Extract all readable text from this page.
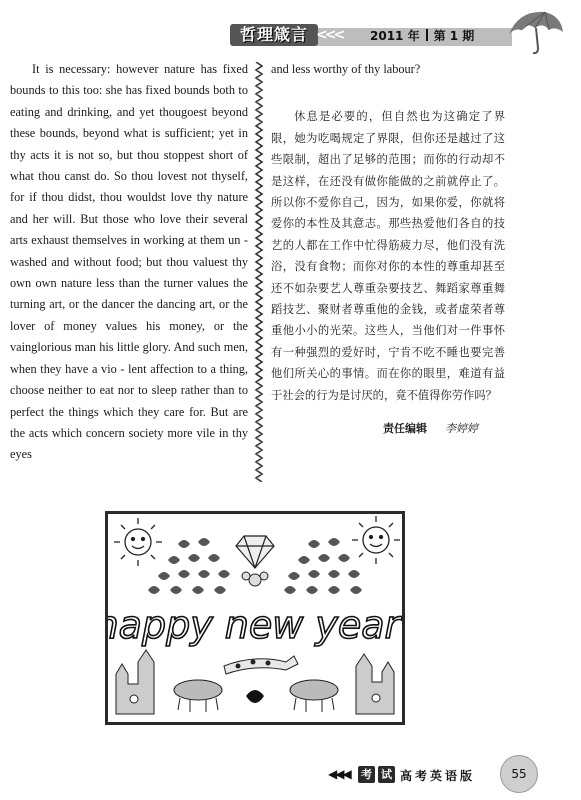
哲理箴言 <<< 2011 年 第 1 期

It is necessary: however nature has fixed bounds to this too: she has fixed bounds both to eating and drinking, and yet thougoest beyond these bounds, beyond what is sufficient; yet in thy acts it is not so, but thou stoppest short of what thou canst do. So thou lovest not thyself, for if thou didst, thou wouldst love thy nature and her will. But those who love their several arts exhaust themselves in working at them un - washed and without food; but thou valuest thy own own nature less than the turner values the turning art, or the dancer the dancing art, or the lover of money values his money, or the vainglorious man his little glory. And such men, when they have a vio - lent affection to a thing, choose neither to eat nor to sleep rather than to perfect the things which they care for. But are the acts which concern society more vile in thy eyes

and less worthy of thy labour?

休息是必要的，但自然也为这确定了界限，她为吃喝规定了界限，但你还是越过了这些限制，超出了足够的范围；而你的行动却不是这样，在还没有做你能做的之前就停止了。所以你不爱你自己，因为，如果你爱，你就将爱你的本性及其意志。那些热爱他们各自的技艺的人都在工作中忙得筋疲力尽，他们没有洗浴，没有食物；而你对你的本性的尊重却甚至还不如杂要艺人尊重杂要技艺、舞蹈家尊重舞蹈技艺、聚财者尊重他的金钱，或者虚荣者尊重他小小的光荣。这些人，当他们对一件事怀有一种强烈的爱好时，宁肯不吃不睡也要完善他们所关心的事情。而在你的眼里，难道有益于社会的行为是讨厌的，竟不值得你劳作吗？

责任编辑 李婷婷
happy new year!
◀◀◀ 考 试 高考英语版	55
